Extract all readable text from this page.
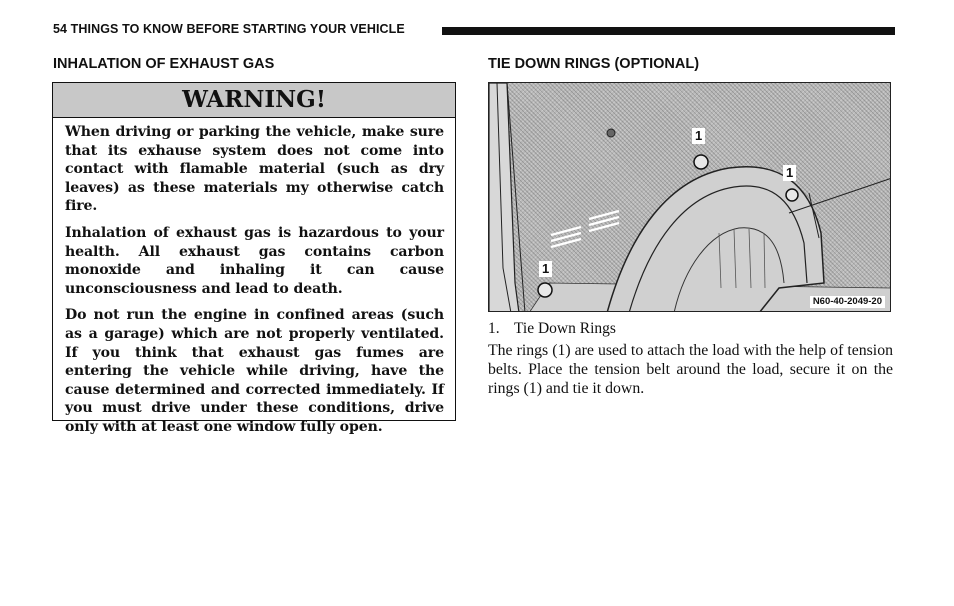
54 THINGS TO KNOW BEFORE STARTING YOUR VEHICLE
INHALATION OF EXHAUST GAS	TIE DOWN RINGS (OPTIONAL)
WARNING!

When driving or parking the vehicle, make sure that its exhause system does not come into contact with flamable material (such as dry leaves) as these materials my otherwise catch fire.

Inhalation of exhaust gas is hazardous to your health. All exhaust gas contains carbon monoxide and inhaling it can cause unconsciousness and lead to death.

Do not run the engine in confined areas (such as a garage) which are not properly ventilated. If you think that exhaust gas fumes are entering the vehicle while driving, have the cause determined and corrected immediately. If you must drive under these conditions, drive only with at least one window fully open.

1
1
1
N60-40-2049-20
1. Tie Down Rings
The rings (1) are used to attach the load with the help of tension belts. Place the tension belt around the load, secure it on the rings (1) and tie it down.
